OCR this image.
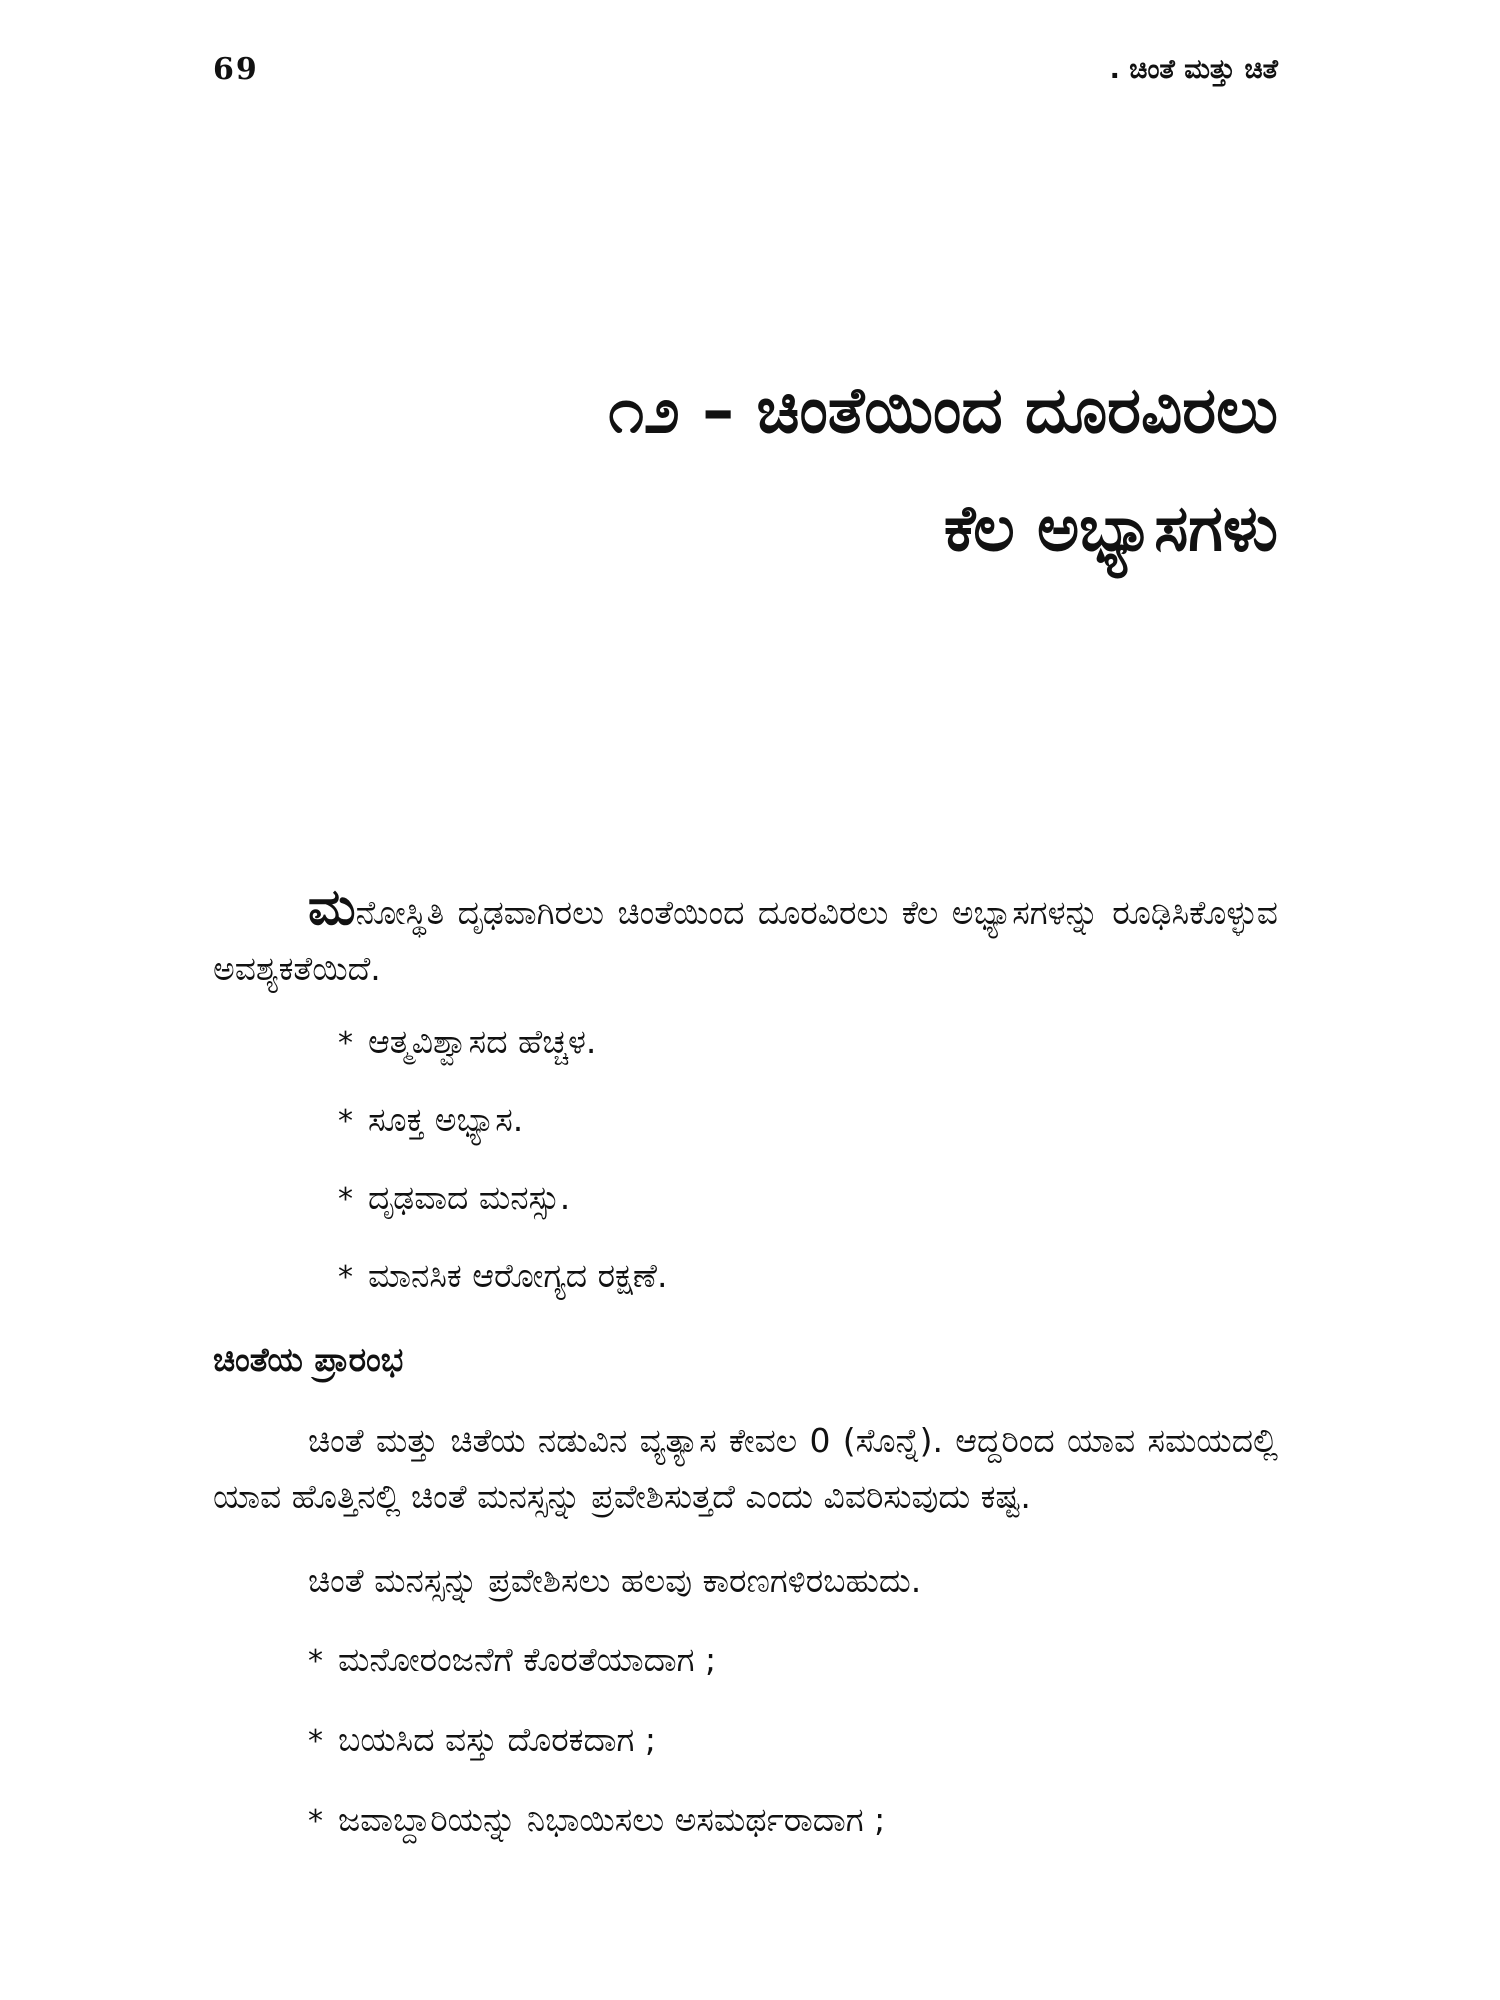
69	. ಚಿಂತೆ ಮತ್ತು ಚಿತೆ
೧೨ – ಚಿಂತೆಯಿಂದ ದೂರವಿರಲು
ಕೆಲ ಅಭ್ಯಾಸಗಳು

ಮನೋಸ್ಥಿತಿ ದೃಢವಾಗಿರಲು ಚಿಂತೆಯಿಂದ ದೂರವಿರಲು ಕೆಲ ಅಭ್ಯಾಸಗಳನ್ನು ರೂಢಿಸಿಕೊಳ್ಳುವ ಅವಶ್ಯಕತೆಯಿದೆ.

* ಆತ್ಮವಿಶ್ವಾಸದ ಹೆಚ್ಚಳ.
* ಸೂಕ್ತ ಅಭ್ಯಾಸ.
* ದೃಢವಾದ ಮನಸ್ಸು.
* ಮಾನಸಿಕ ಆರೋಗ್ಯದ ರಕ್ಷಣೆ.
ಚಿಂತೆಯ ಪ್ರಾರಂಭ

ಚಿಂತೆ ಮತ್ತು ಚಿತೆಯ ನಡುವಿನ ವ್ಯತ್ಯಾಸ ಕೇವಲ 0 (ಸೊನ್ನೆ). ಆದ್ದರಿಂದ ಯಾವ ಸಮಯದಲ್ಲಿ ಯಾವ ಹೊತ್ತಿನಲ್ಲಿ ಚಿಂತೆ ಮನಸ್ಸನ್ನು ಪ್ರವೇಶಿಸುತ್ತದೆ ಎಂದು ವಿವರಿಸುವುದು ಕಷ್ಟ.

ಚಿಂತೆ ಮನಸ್ಸನ್ನು ಪ್ರವೇಶಿಸಲು ಹಲವು ಕಾರಣಗಳಿರಬಹುದು.

* ಮನೋರಂಜನೆಗೆ ಕೊರತೆಯಾದಾಗ ;
* ಬಯಸಿದ ವಸ್ತು ದೊರಕದಾಗ ;
* ಜವಾಬ್ದಾರಿಯನ್ನು ನಿಭಾಯಿಸಲು ಅಸಮರ್ಥರಾದಾಗ ;
